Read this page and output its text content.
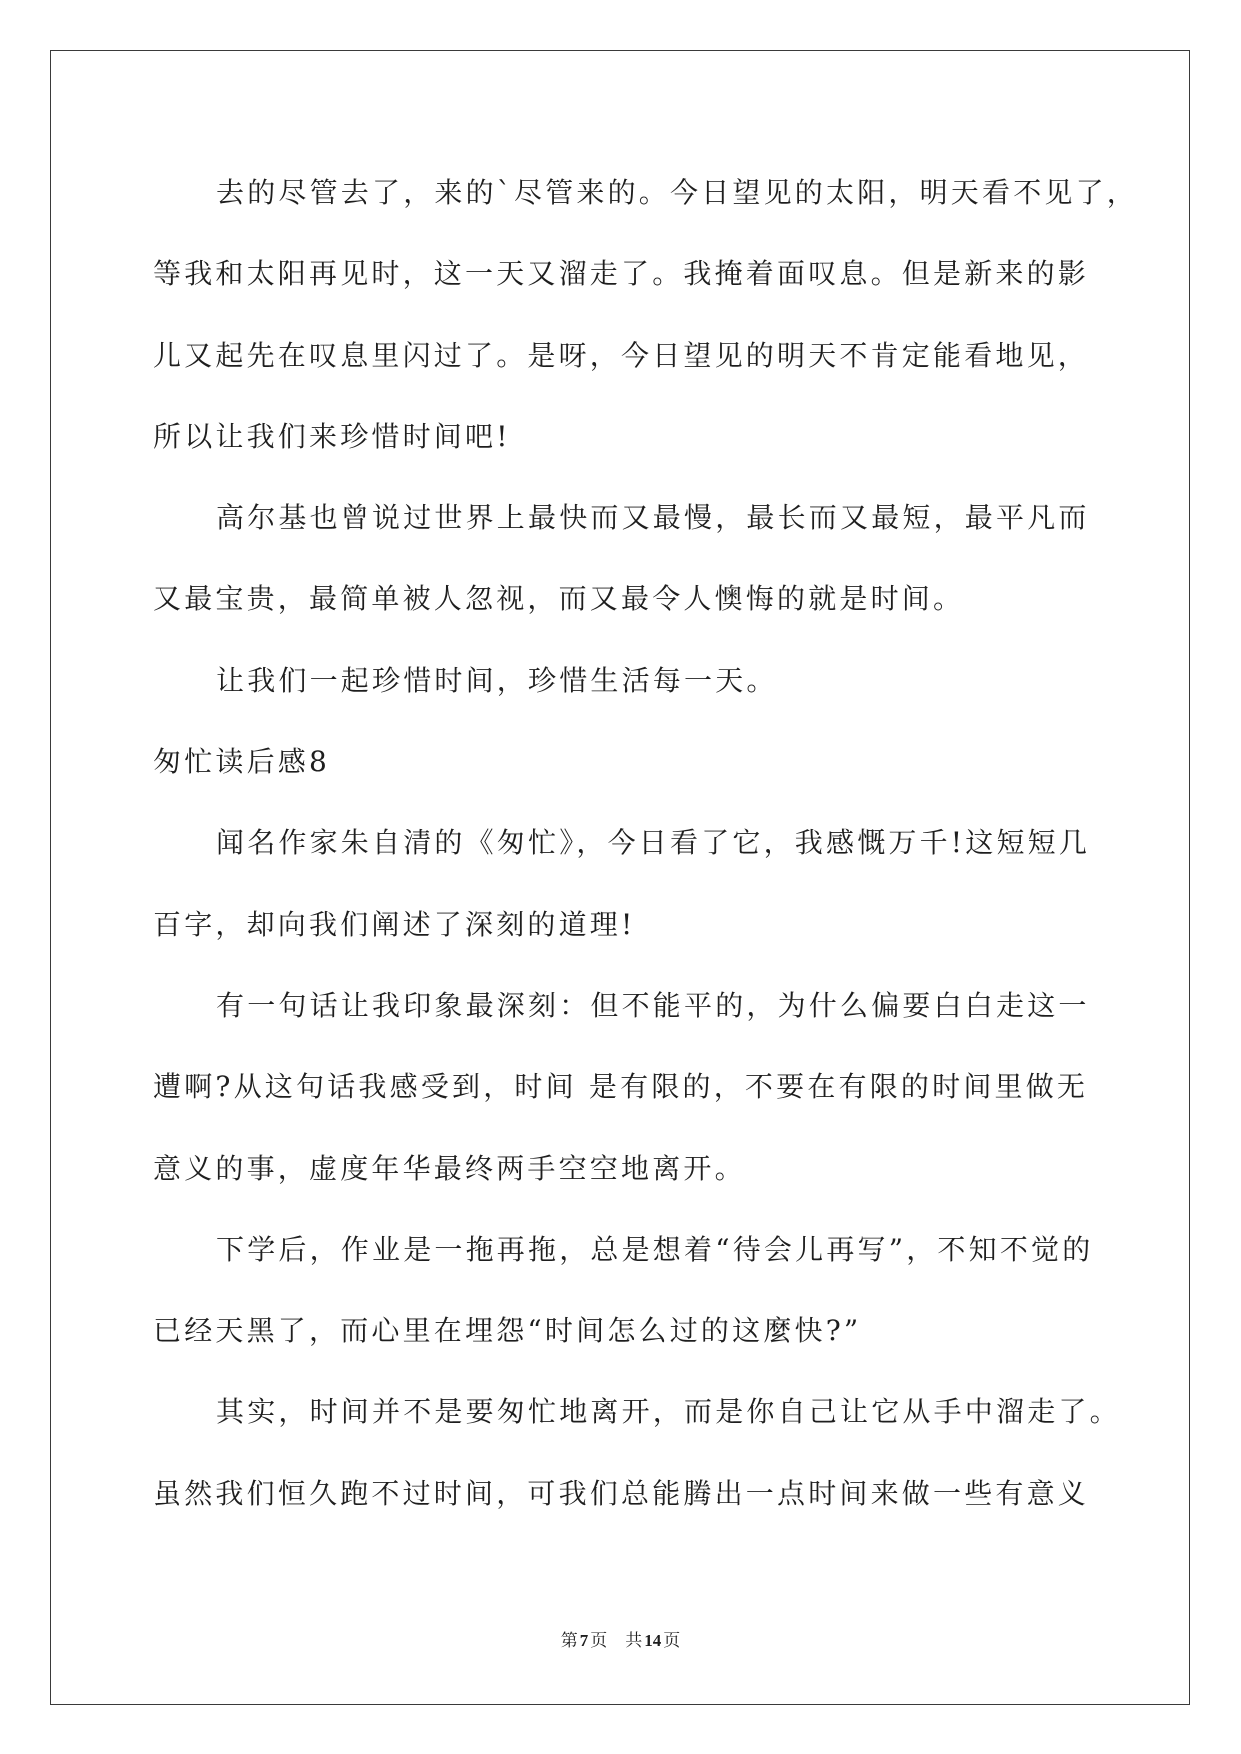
去的尽管去了，来的`尽管来的。今日望见的太阳，明天看不见了，
等我和太阳再见时，这一天又溜走了。我掩着面叹息。但是新来的影
儿又起先在叹息里闪过了。是呀，今日望见的明天不肯定能看地见，
所以让我们来珍惜时间吧!
高尔基也曾说过世界上最快而又最慢，最长而又最短，最平凡而
又最宝贵，最简单被人忽视，而又最令人懊悔的就是时间。
让我们一起珍惜时间，珍惜生活每一天。
匆忙读后感8
闻名作家朱自清的《匆忙》，今日看了它，我感慨万千!这短短几
百字，却向我们阐述了深刻的道理!
有一句话让我印象最深刻：但不能平的，为什么偏要白白走这一
遭啊?从这句话我感受到，时间 是有限的，不要在有限的时间里做无
意义的事，虚度年华最终两手空空地离开。
下学后，作业是一拖再拖，总是想着“待会儿再写”，不知不觉的
已经天黑了，而心里在埋怨“时间怎么过的这麼快?”
其实，时间并不是要匆忙地离开，而是你自己让它从手中溜走了。
虽然我们恒久跑不过时间，可我们总能腾出一点时间来做一些有意义
第 7 页 共 14 页
